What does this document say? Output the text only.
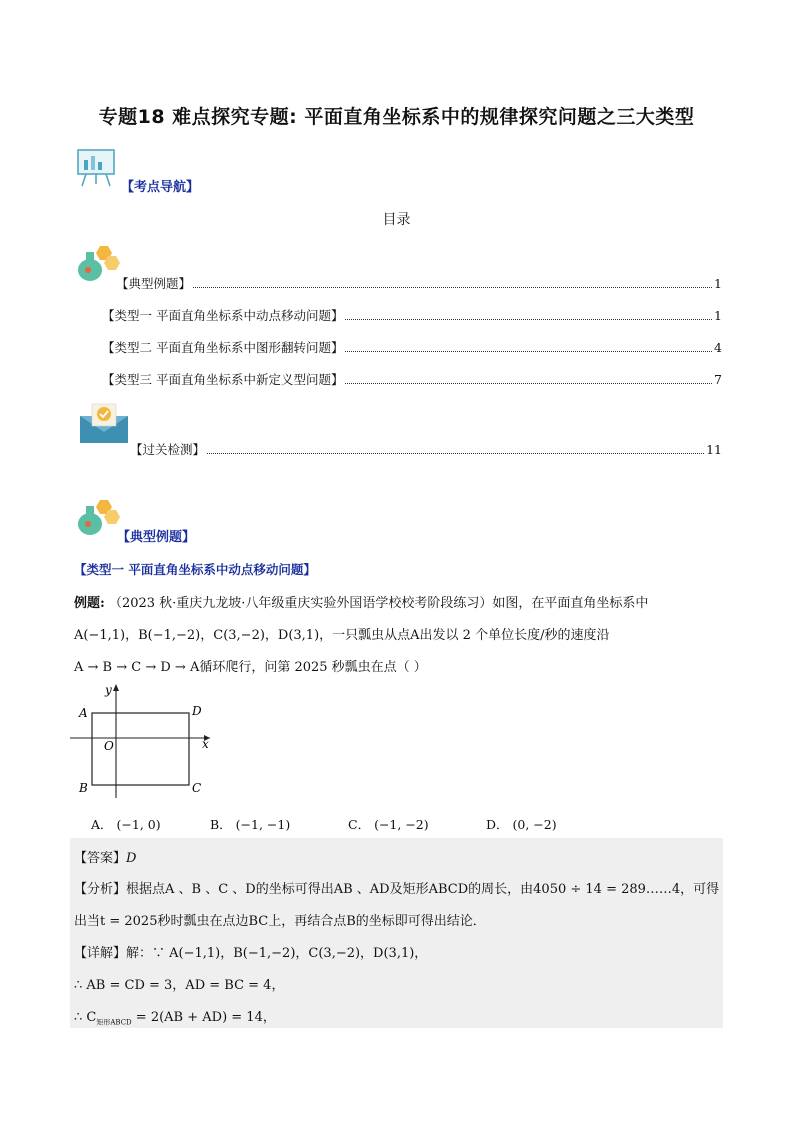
专题18 难点探究专题: 平面直角坐标系中的规律探究问题之三大类型
【考点导航】
目录
【典型例题】	1
【类型一 平面直角坐标系中动点移动问题】	1
【类型二 平面直角坐标系中图形翻转问题】	4
【类型三 平面直角坐标系中新定义型问题】	7
【过关检测】	11
【典型例题】
【类型一 平面直角坐标系中动点移动问题】
例题: （2023 秋·重庆九龙坡·八年级重庆实验外国语学校校考阶段练习）如图，在平面直角坐标系中
A(−1,1)，B(−1,−2)，C(3,−2)，D(3,1)，一只瓢虫从点A出发以 2 个单位长度/秒的速度沿
A → B → C → D → A循环爬行，问第 2025 秒瓢虫在点（ ）
y
x
O
A
B	C
D
A． (−1, 0)	B． (−1, −1)	C． (−1, −2)	D． (0, −2)
【答案】D
【分析】根据点A 、B 、C 、D的坐标可得出AB 、AD及矩形ABCD的周长，由4050 ÷ 14 = 289……4，可得
出当t = 2025秒时瓢虫在点边BC上，再结合点B的坐标即可得出结论．
【详解】解：∵ A(−1,1)，B(−1,−2)，C(3,−2)，D(3,1)，
∴ AB = CD = 3，AD = BC = 4，
∴ $C_{矩形ABCD} = 2(AB + AD) = 14$，
